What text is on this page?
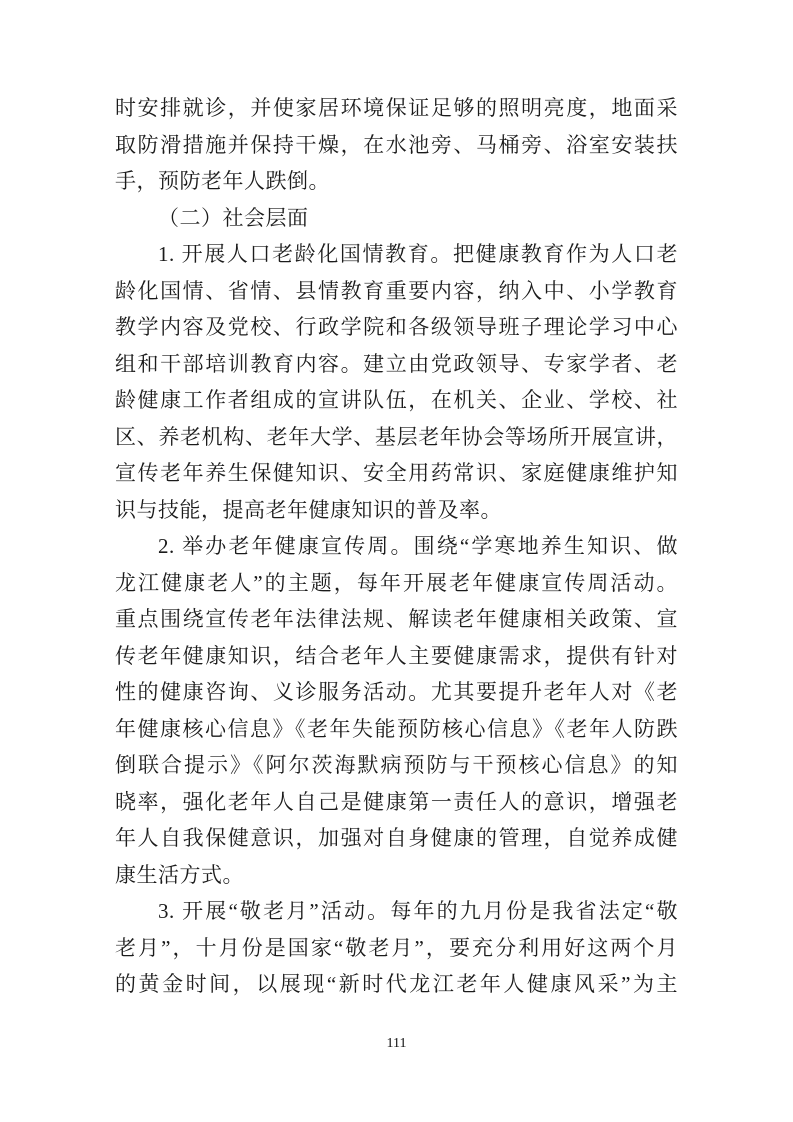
时安排就诊，并使家居环境保证足够的照明亮度，地面采
取防滑措施并保持干燥，在水池旁、马桶旁、浴室安装扶
手，预防老年人跌倒。
（二）社会层面
1. 开展人口老龄化国情教育。把健康教育作为人口老
龄化国情、省情、县情教育重要内容，纳入中、小学教育
教学内容及党校、行政学院和各级领导班子理论学习中心
组和干部培训教育内容。建立由党政领导、专家学者、老
龄健康工作者组成的宣讲队伍，在机关、企业、学校、社
区、养老机构、老年大学、基层老年协会等场所开展宣讲，
宣传老年养生保健知识、安全用药常识、家庭健康维护知
识与技能，提高老年健康知识的普及率。
2. 举办老年健康宣传周。围绕“学寒地养生知识、做
龙江健康老人”的主题，每年开展老年健康宣传周活动。
重点围绕宣传老年法律法规、解读老年健康相关政策、宣
传老年健康知识，结合老年人主要健康需求，提供有针对
性的健康咨询、义诊服务活动。尤其要提升老年人对《老
年健康核心信息》《老年失能预防核心信息》《老年人防跌
倒联合提示》《阿尔茨海默病预防与干预核心信息》的知
晓率，强化老年人自己是健康第一责任人的意识，增强老
年人自我保健意识，加强对自身健康的管理，自觉养成健
康生活方式。
3. 开展“敬老月”活动。每年的九月份是我省法定“敬
老月”，十月份是国家“敬老月”，要充分利用好这两个月
的黄金时间，以展现“新时代龙江老年人健康风采”为主
111
